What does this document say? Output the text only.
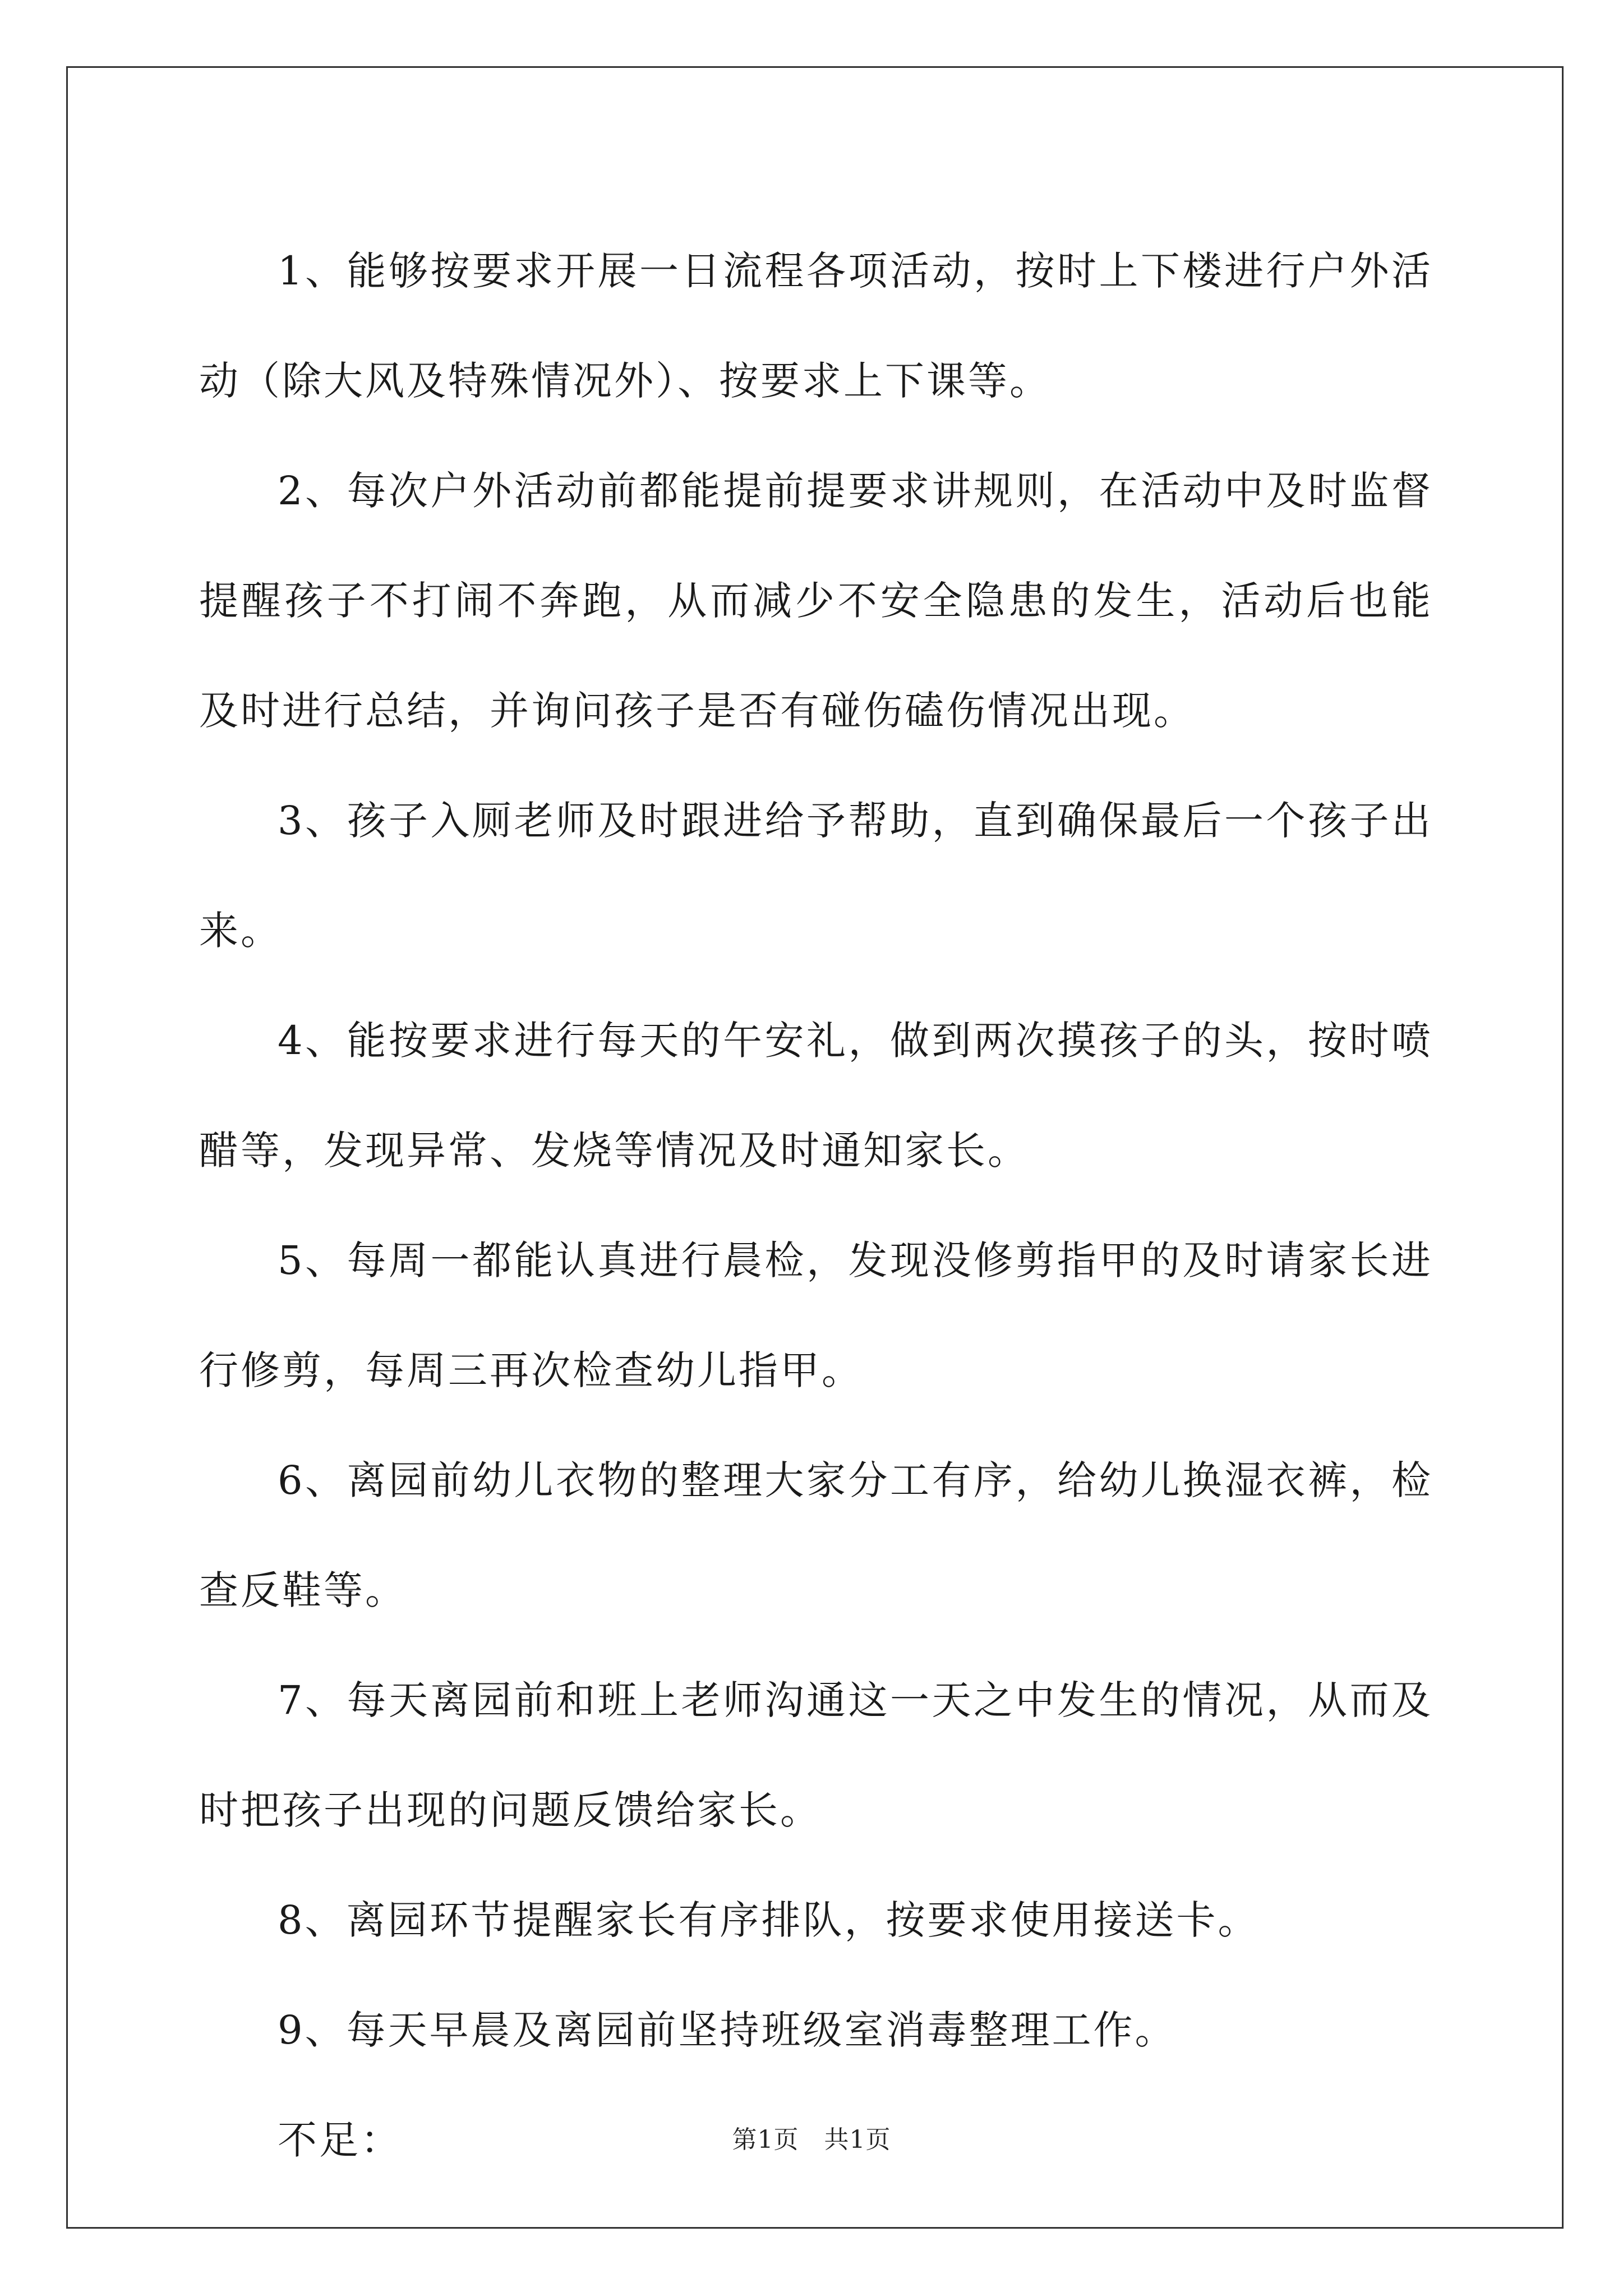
1、能够按要求开展一日流程各项活动，按时上下楼进行户外活动（除大风及特殊情况外）、按要求上下课等。

2、每次户外活动前都能提前提要求讲规则，在活动中及时监督提醒孩子不打闹不奔跑，从而减少不安全隐患的发生，活动后也能及时进行总结，并询问孩子是否有碰伤磕伤情况出现。

3、孩子入厕老师及时跟进给予帮助，直到确保最后一个孩子出来。

4、能按要求进行每天的午安礼，做到两次摸孩子的头，按时喷醋等，发现异常、发烧等情况及时通知家长。

5、每周一都能认真进行晨检，发现没修剪指甲的及时请家长进行修剪，每周三再次检查幼儿指甲。

6、离园前幼儿衣物的整理大家分工有序，给幼儿换湿衣裤，检查反鞋等。

7、每天离园前和班上老师沟通这一天之中发生的情况，从而及时把孩子出现的问题反馈给家长。

8、离园环节提醒家长有序排队，按要求使用接送卡。

9、每天早晨及离园前坚持班级室消毒整理工作。

不足：	第1页　共1页
